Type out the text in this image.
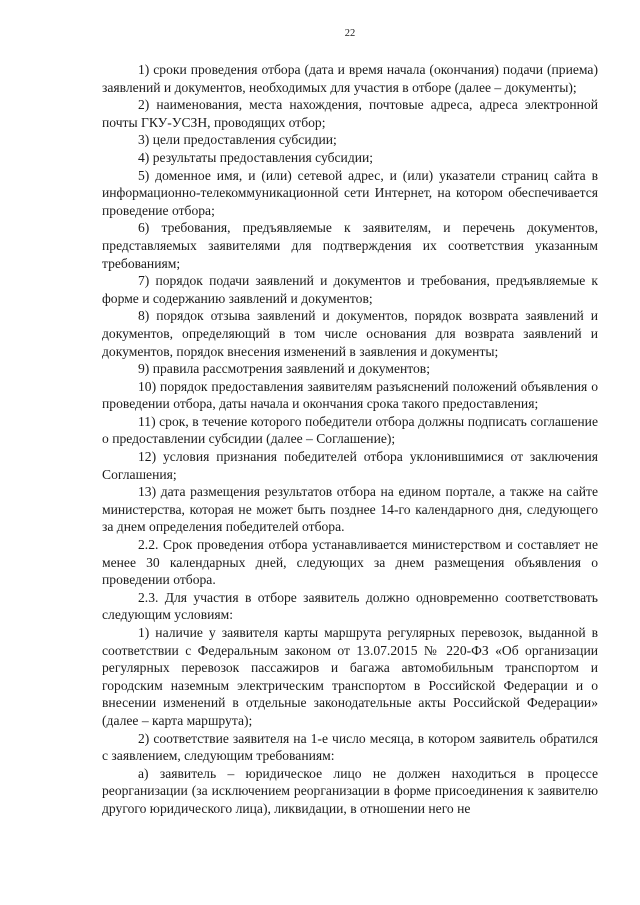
22

1) сроки проведения отбора (дата и время начала (окончания) подачи (приема) заявлений и документов, необходимых для участия в отборе (далее – документы);

2) наименования, места нахождения, почтовые адреса, адреса электронной почты ГКУ-УСЗН, проводящих отбор;

3) цели предоставления субсидии;

4) результаты предоставления субсидии;

5) доменное имя, и (или) сетевой адрес, и (или) указатели страниц сайта в информационно-телекоммуникационной сети Интернет, на котором обеспечивается проведение отбора;

6) требования, предъявляемые к заявителям, и перечень документов, представляемых заявителями для подтверждения их соответствия указанным требованиям;

7) порядок подачи заявлений и документов и требования, предъявляемые к форме и содержанию заявлений и документов;

8) порядок отзыва заявлений и документов, порядок возврата заявлений и документов, определяющий в том числе основания для возврата заявлений и документов, порядок внесения изменений в заявления и документы;

9) правила рассмотрения заявлений и документов;

10) порядок предоставления заявителям разъяснений положений объявления о проведении отбора, даты начала и окончания срока такого предоставления;

11) срок, в течение которого победители отбора должны подписать соглашение о предоставлении субсидии (далее – Соглашение);

12) условия признания победителей отбора уклонившимися от заключения Соглашения;

13) дата размещения результатов отбора на едином портале, а также на сайте министерства, которая не может быть позднее 14-го календарного дня, следующего за днем определения победителей отбора.

2.2. Срок проведения отбора устанавливается министерством и составляет не менее 30 календарных дней, следующих за днем размещения объявления о проведении отбора.

2.3. Для участия в отборе заявитель должно одновременно соответствовать следующим условиям:

1) наличие у заявителя карты маршрута регулярных перевозок, выданной в соответствии с Федеральным законом от 13.07.2015 № 220-ФЗ «Об организации регулярных перевозок пассажиров и багажа автомобильным транспортом и городским наземным электрическим транспортом в Российской Федерации и о внесении изменений в отдельные законодательные акты Российской Федерации» (далее – карта маршрута);

2) соответствие заявителя на 1-е число месяца, в котором заявитель обратился с заявлением, следующим требованиям:

а) заявитель – юридическое лицо не должен находиться в процессе реорганизации (за исключением реорганизации в форме присоединения к заявителю другого юридического лица), ликвидации, в отношении него не
